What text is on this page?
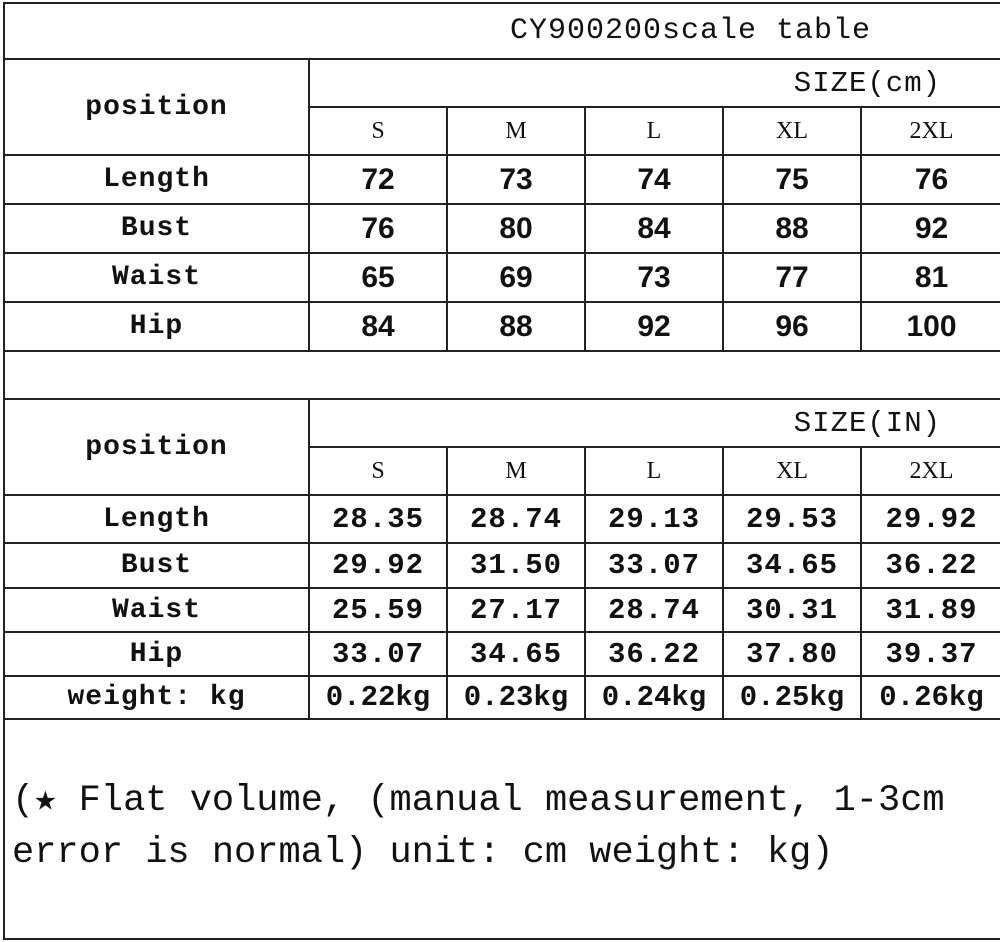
CY900200scale table					
position	SIZE(cm)				
	S	M	L	XL	2XL
Length	72	73	74	75	76
Bust	76	80	84	88	92
Waist	65	69	73	77	81
Hip	84	88	92	96	100
position	SIZE(IN)				
	S	M	L	XL	2XL
Length	28.35	28.74	29.13	29.53	29.92
Bust	29.92	31.50	33.07	34.65	36.22
Waist	25.59	27.17	28.74	30.31	31.89
Hip	33.07	34.65	36.22	37.80	39.37
weight: kg	0.22kg	0.23kg	0.24kg	0.25kg	0.26kg
(★ Flat volume, (manual measurement, 1-3cm
error is normal) unit: cm weight: kg)
